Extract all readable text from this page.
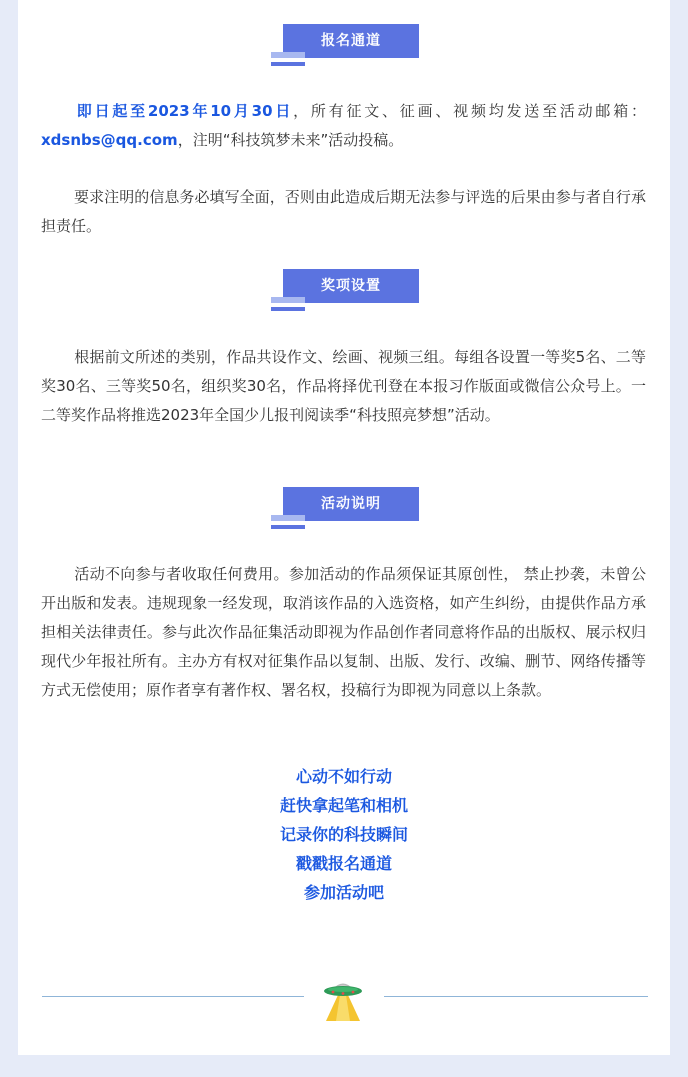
报名通道

即日起至2023年10月30日，所有征文、征画、视频均发送至活动邮箱：xdsnbs@qq.com，注明“科技筑梦未来”活动投稿。

要求注明的信息务必填写全面，否则由此造成后期无法参与评选的后果由参与者自行承担责任。

奖项设置

根据前文所述的类别，作品共设作文、绘画、视频三组。每组各设置一等奖5名、二等奖30名、三等奖50名，组织奖30名，作品将择优刊登在本报习作版面或微信公众号上。一二等奖作品将推选2023年全国少儿报刊阅读季“科技照亮梦想”活动。

活动说明

活动不向参与者收取任何费用。参加活动的作品须保证其原创性， 禁止抄袭，未曾公开出版和发表。违规现象一经发现，取消该作品的入选资格，如产生纠纷，由提供作品方承担相关法律责任。参与此次作品征集活动即视为作品创作者同意将作品的出版权、展示权归现代少年报社所有。主办方有权对征集作品以复制、出版、发行、改编、删节、网络传播等方式无偿使用；原作者享有著作权、署名权，投稿行为即视为同意以上条款。

心动不如行动
赶快拿起笔和相机
记录你的科技瞬间
戳戳报名通道
参加活动吧
